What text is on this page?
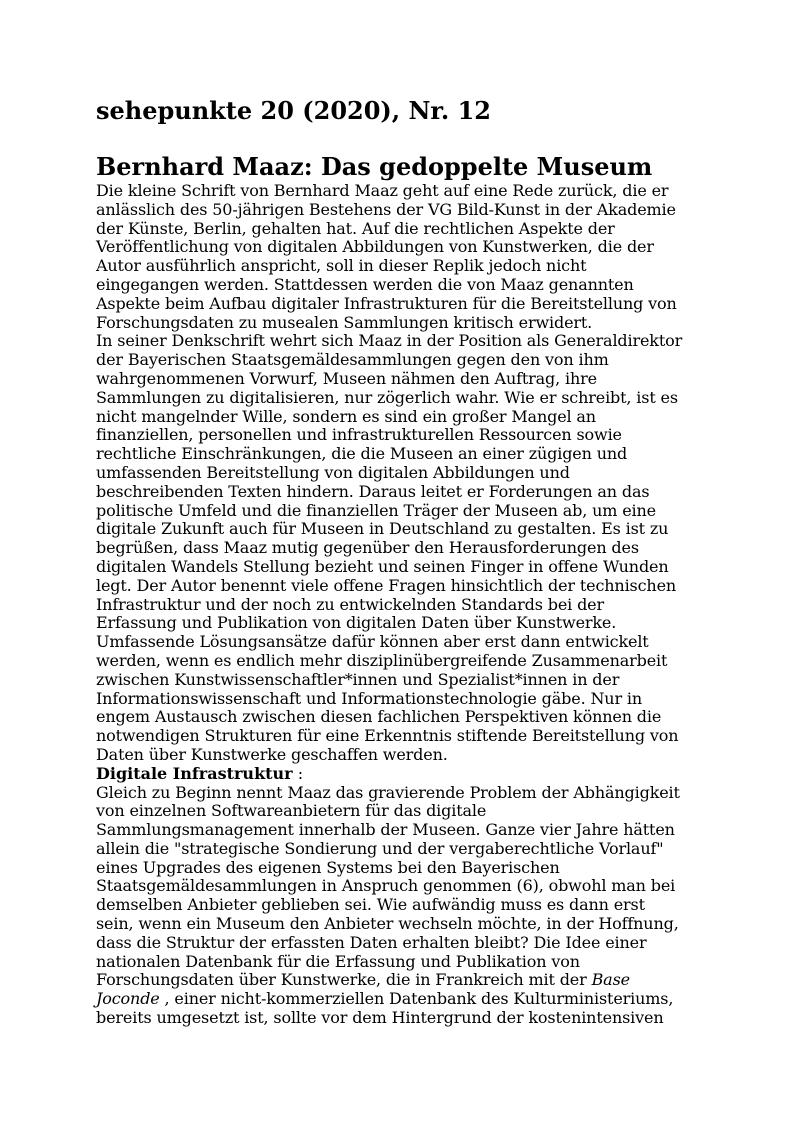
sehepunkte 20 (2020), Nr. 12
Bernhard Maaz: Das gedoppelte Museum

Die kleine Schrift von Bernhard Maaz geht auf eine Rede zurück, die er
anlässlich des 50-jährigen Bestehens der VG Bild-Kunst in der Akademie
der Künste, Berlin, gehalten hat. Auf die rechtlichen Aspekte der
Veröffentlichung von digitalen Abbildungen von Kunstwerken, die der
Autor ausführlich anspricht, soll in dieser Replik jedoch nicht
eingegangen werden. Stattdessen werden die von Maaz genannten
Aspekte beim Aufbau digitaler Infrastrukturen für die Bereitstellung von
Forschungsdaten zu musealen Sammlungen kritisch erwidert.

In seiner Denkschrift wehrt sich Maaz in der Position als Generaldirektor
der Bayerischen Staatsgemäldesammlungen gegen den von ihm
wahrgenommenen Vorwurf, Museen nähmen den Auftrag, ihre
Sammlungen zu digitalisieren, nur zögerlich wahr. Wie er schreibt, ist es
nicht mangelnder Wille, sondern es sind ein großer Mangel an
finanziellen, personellen und infrastrukturellen Ressourcen sowie
rechtliche Einschränkungen, die die Museen an einer zügigen und
umfassenden Bereitstellung von digitalen Abbildungen und
beschreibenden Texten hindern. Daraus leitet er Forderungen an das
politische Umfeld und die finanziellen Träger der Museen ab, um eine
digitale Zukunft auch für Museen in Deutschland zu gestalten. Es ist zu
begrüßen, dass Maaz mutig gegenüber den Herausforderungen des
digitalen Wandels Stellung bezieht und seinen Finger in offene Wunden
legt. Der Autor benennt viele offene Fragen hinsichtlich der technischen
Infrastruktur und der noch zu entwickelnden Standards bei der
Erfassung und Publikation von digitalen Daten über Kunstwerke.
Umfassende Lösungsansätze dafür können aber erst dann entwickelt
werden, wenn es endlich mehr disziplinübergreifende Zusammenarbeit
zwischen Kunstwissenschaftler*innen und Spezialist*innen in der
Informationswissenschaft und Informationstechnologie gäbe. Nur in
engem Austausch zwischen diesen fachlichen Perspektiven können die
notwendigen Strukturen für eine Erkenntnis stiftende Bereitstellung von
Daten über Kunstwerke geschaffen werden.

Digitale Infrastruktur :

Gleich zu Beginn nennt Maaz das gravierende Problem der Abhängigkeit
von einzelnen Softwareanbietern für das digitale
Sammlungsmanagement innerhalb der Museen. Ganze vier Jahre hätten
allein die "strategische Sondierung und der vergaberechtliche Vorlauf"
eines Upgrades des eigenen Systems bei den Bayerischen
Staatsgemäldesammlungen in Anspruch genommen (6), obwohl man bei
demselben Anbieter geblieben sei. Wie aufwändig muss es dann erst
sein, wenn ein Museum den Anbieter wechseln möchte, in der Hoffnung,
dass die Struktur der erfassten Daten erhalten bleibt? Die Idee einer
nationalen Datenbank für die Erfassung und Publikation von
Forschungsdaten über Kunstwerke, die in Frankreich mit der Base
Joconde , einer nicht-kommerziellen Datenbank des Kulturministeriums,
bereits umgesetzt ist, sollte vor dem Hintergrund der kostenintensiven
